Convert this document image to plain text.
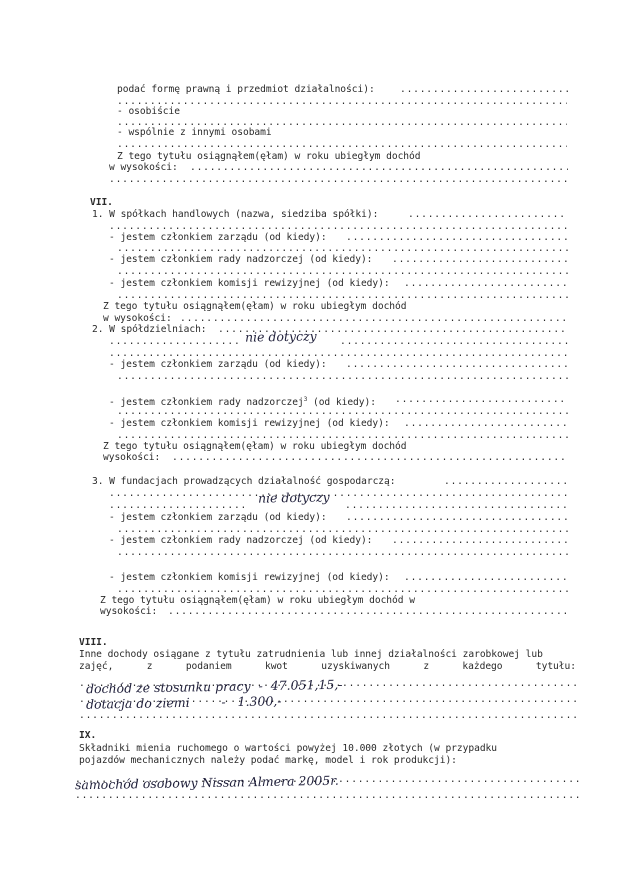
podać formę prawną i przedmiot działalności):
.....
.....
- osobiście
.....
- wspólnie z innymi osobami
.....
Z tego tytułu osiągnąłem(ęłam) w roku ubiegłym dochód
w wysokości:
.....
.....
VII.
1. W spółkach handlowych (nazwa, siedziba spółki):
.....
.....
- jestem członkiem zarządu (od kiedy):
.....
.....
- jestem członkiem rady nadzorczej (od kiedy):
.....
.....
- jestem członkiem komisji rewizyjnej (od kiedy):
.....
.....
Z tego tytułu osiągnąłem(ęłam) w roku ubiegłym dochód
w wysokości:
.....
2. W spółdzielniach:
.....	nie dotyczy
.....
.....
.....
- jestem członkiem zarządu (od kiedy):
.....
.....
- jestem członkiem rady nadzorczej$^3$ (od kiedy):
.....
.....
- jestem członkiem komisji rewizyjnej (od kiedy):
.....
.....
Z tego tytułu osiągnąłem(ęłam) w roku ubiegłym dochód
wysokości:
.....
3. W fundacjach prowadzących działalność gospodarczą:
.....
.....
nie dotyczy
.....
.....
- jestem członkiem zarządu (od kiedy):
.....
.....
- jestem członkiem rady nadzorczej (od kiedy):
.....
.....
- jestem członkiem komisji rewizyjnej (od kiedy):
.....
.....
Z tego tytułu osiągnąłem(ęłam) w roku ubiegłym dochód w
wysokości:
.....
VIII.
Inne dochody osiągane z tytułu zatrudnienia lub innej działalności zarobkowej lub
zajęć,	z	podaniem	kwot	uzyskiwanych	z	każdego	tytułu:
.....
dochód ze stosunku pracy  -  47.051,15,-
.....
dotacja do ziemi        -   1.300,-
.....
IX.
Składniki mienia ruchomego o wartości powyżej 10.000 złotych (w przypadku
pojazdów mechanicznych należy podać markę, model i rok produkcji):
.....
samochód osobowy Nissan Almera 2005r.
.....
